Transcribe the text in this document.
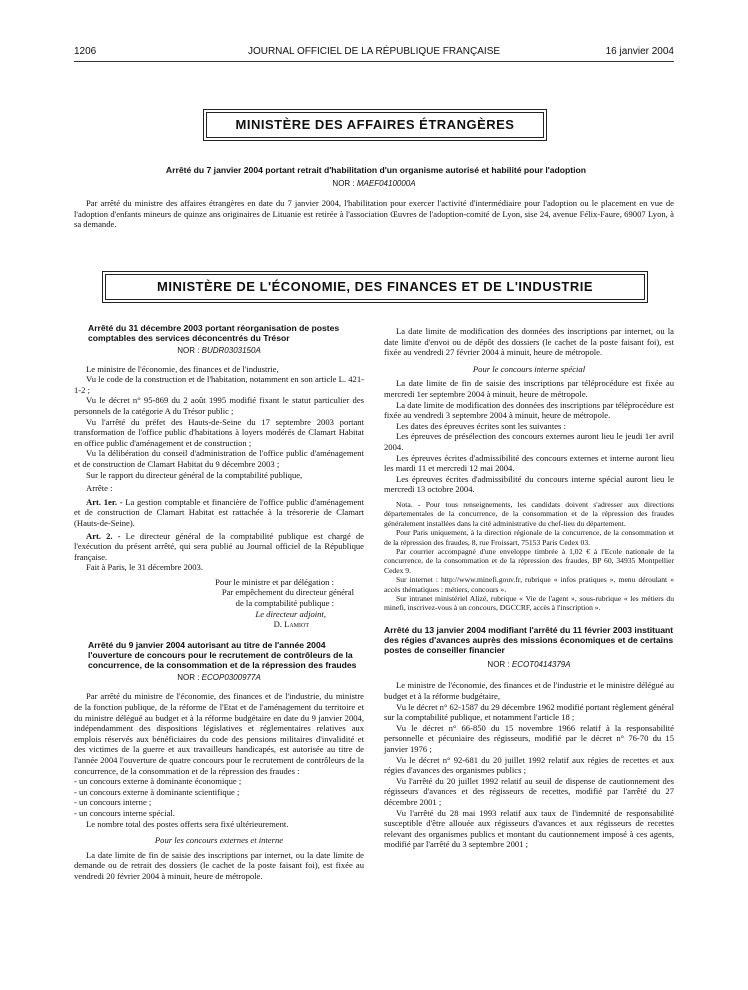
1206	JOURNAL OFFICIEL DE LA RÉPUBLIQUE FRANÇAISE	16 janvier 2004
MINISTÈRE DES AFFAIRES ÉTRANGÈRES
Arrêté du 7 janvier 2004 portant retrait d'habilitation d'un organisme autorisé et habilité pour l'adoption
NOR : MAEF0410000A
Par arrêté du ministre des affaires étrangères en date du 7 janvier 2004, l'habilitation pour exercer l'activité d'intermédiaire pour l'adoption ou le placement en vue de l'adoption d'enfants mineurs de quinze ans originaires de Lituanie est retirée à l'association Œuvres de l'adoption-comité de Lyon, sise 24, avenue Félix-Faure, 69007 Lyon, à sa demande.
MINISTÈRE DE L'ÉCONOMIE, DES FINANCES ET DE L'INDUSTRIE
Arrêté du 31 décembre 2003 portant réorganisation de postes comptables des services déconcentrés du Trésor

NOR : BUDR0303150A

Le ministre de l'économie, des finances et de l'industrie,

Vu le code de la construction et de l'habitation, notamment en son article L. 421-1-2 ;

Vu le décret n° 95-869 du 2 août 1995 modifié fixant le statut particulier des personnels de la catégorie A du Trésor public ;

Vu l'arrêté du préfet des Hauts-de-Seine du 17 septembre 2003 portant transformation de l'office public d'habitations à loyers modérés de Clamart Habitat en office public d'aménagement et de construction ;

Vu la délibération du conseil d'administration de l'office public d'aménagement et de construction de Clamart Habitat du 9 décembre 2003 ;

Sur le rapport du directeur général de la comptabilité publique,

Arrête :

Art. 1er. - La gestion comptable et financière de l'office public d'aménagement et de construction de Clamart Habitat est rattachée à la trésorerie de Clamart (Hauts-de-Seine).

Art. 2. - Le directeur général de la comptabilité publique est chargé de l'exécution du présent arrêté, qui sera publié au Journal officiel de la République française.

Fait à Paris, le 31 décembre 2003.

Pour le ministre et par délégation :

Par empêchement du directeur général

de la comptabilité publique :

Le directeur adjoint,

D. Lamiot

Arrêté du 9 janvier 2004 autorisant au titre de l'année 2004 l'ouverture de concours pour le recrutement de contrôleurs de la concurrence, de la consommation et de la répression des fraudes

NOR : ECOP0300977A

Par arrêté du ministre de l'économie, des finances et de l'industrie, du ministre de la fonction publique, de la réforme de l'Etat et de l'aménagement du territoire et du ministre délégué au budget et à la réforme budgétaire en date du 9 janvier 2004, indépendamment des dispositions législatives et réglementaires relatives aux emplois réservés aux bénéficiaires du code des pensions militaires d'invalidité et des victimes de la guerre et aux travailleurs handicapés, est autorisée au titre de l'année 2004 l'ouverture de quatre concours pour le recrutement de contrôleurs de la concurrence, de la consommation et de la répression des fraudes :

- un concours externe à dominante économique ;

- un concours externe à dominante scientifique ;

- un concours interne ;

- un concours interne spécial.

Le nombre total des postes offerts sera fixé ultérieurement.

Pour les concours externes et interne

La date limite de fin de saisie des inscriptions par internet, ou la date limite de demande ou de retrait des dossiers (le cachet de la poste faisant foi), est fixée au vendredi 20 février 2004 à minuit, heure de métropole.

La date limite de modification des données des inscriptions par internet, ou la date limite d'envoi ou de dépôt des dossiers (le cachet de la poste faisant foi), est fixée au vendredi 27 février 2004 à minuit, heure de métropole.

Pour le concours interne spécial

La date limite de fin de saisie des inscriptions par téléprocédure est fixée au mercredi 1er septembre 2004 à minuit, heure de métropole.

La date limite de modification des données des inscriptions par téléprocédure est fixée au vendredi 3 septembre 2004 à minuit, heure de métropole.

Les dates des épreuves écrites sont les suivantes :

Les épreuves de présélection des concours externes auront lieu le jeudi 1er avril 2004.

Les épreuves écrites d'admissibilité des concours externes et interne auront lieu les mardi 11 et mercredi 12 mai 2004.

Les épreuves écrites d'admissibilité du concours interne spécial auront lieu le mercredi 13 octobre 2004.

Nota. - Pour tous renseignements, les candidats doivent s'adresser aux directions départementales de la concurrence, de la consommation et de la répression des fraudes généralement installées dans la cité administrative du chef-lieu du département.

Pour Paris uniquement, à la direction régionale de la concurrence, de la consommation et de la répression des fraudes, 8, rue Froissart, 75153 Paris Cedex 03.

Par courrier accompagné d'une enveloppe timbrée à 1,02 € à l'Ecole nationale de la concurrence, de la consommation et de la répression des fraudes, BP 60, 34935 Montpellier Cedex 9.

Sur internet : http://www.minefi.gouv.fr, rubrique « infos pratiques », menu déroulant « accès thématiques : métiers, concours ».

Sur intranet ministériel Alizé, rubrique « Vie de l'agent », sous-rubrique « les métiers du minefi, inscrivez-vous à un concours, DGCCRF, accès à l'inscription ».

Arrêté du 13 janvier 2004 modifiant l'arrêté du 11 février 2003 instituant des régies d'avances auprès des missions économiques et de certains postes de conseiller financier

NOR : ECOT0414379A

Le ministre de l'économie, des finances et de l'industrie et le ministre délégué au budget et à la réforme budgétaire,

Vu le décret n° 62-1587 du 29 décembre 1962 modifié portant règlement général sur la comptabilité publique, et notamment l'article 18 ;

Vu le décret n° 66-850 du 15 novembre 1966 relatif à la responsabilité personnelle et pécuniaire des régisseurs, modifié par le décret n° 76-70 du 15 janvier 1976 ;

Vu le décret n° 92-681 du 20 juillet 1992 relatif aux régies de recettes et aux régies d'avances des organismes publics ;

Vu l'arrêté du 20 juillet 1992 relatif au seuil de dispense de cautionnement des régisseurs d'avances et des régisseurs de recettes, modifié par l'arrêté du 27 décembre 2001 ;

Vu l'arrêté du 28 mai 1993 relatif aux taux de l'indemnité de responsabilité susceptible d'être allouée aux régisseurs d'avances et aux régisseurs de recettes relevant des organismes publics et montant du cautionnement imposé à ces agents, modifié par l'arrêté du 3 septembre 2001 ;
